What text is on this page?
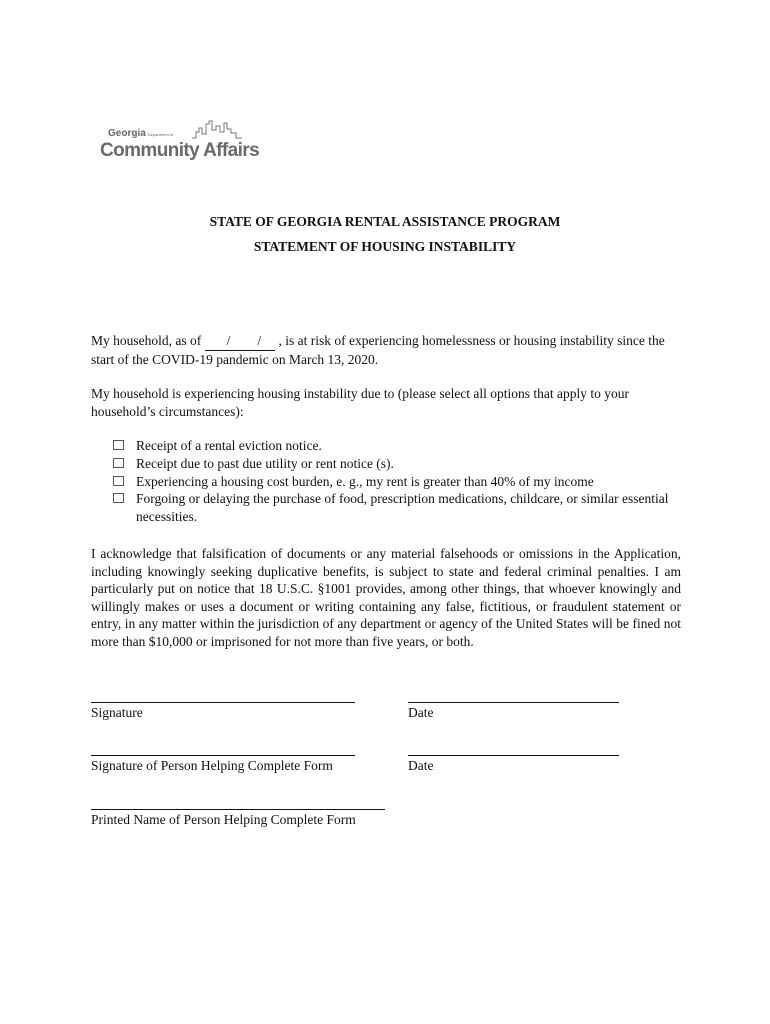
Georgia Department of
Community Affairs
STATE OF GEORGIA RENTAL ASSISTANCE PROGRAM
STATEMENT OF HOUSING INSTABILITY
My household, as of /        / , is at risk of experiencing homelessness or housing instability since the start of the COVID-19 pandemic on March 13, 2020.
My household is experiencing housing instability due to (please select all options that apply to your household’s circumstances):
Receipt of a rental eviction notice.
Receipt due to past due utility or rent notice (s).
Experiencing a housing cost burden, e. g., my rent is greater than 40% of my income
Forgoing or delaying the purchase of food, prescription medications, childcare, or similar essential necessities.
I acknowledge that falsification of documents or any material falsehoods or omissions in the Application, including knowingly seeking duplicative benefits, is subject to state and federal criminal penalties. I am particularly put on notice that 18 U.S.C. §1001 provides, among other things, that whoever knowingly and willingly makes or uses a document or writing containing any false, fictitious, or fraudulent statement or entry, in any matter within the jurisdiction of any department or agency of the United States will be fined not more than $10,000 or imprisoned for not more than five years, or both.
Signature	Date
Signature of Person Helping Complete Form	Date
Printed Name of Person Helping Complete Form
